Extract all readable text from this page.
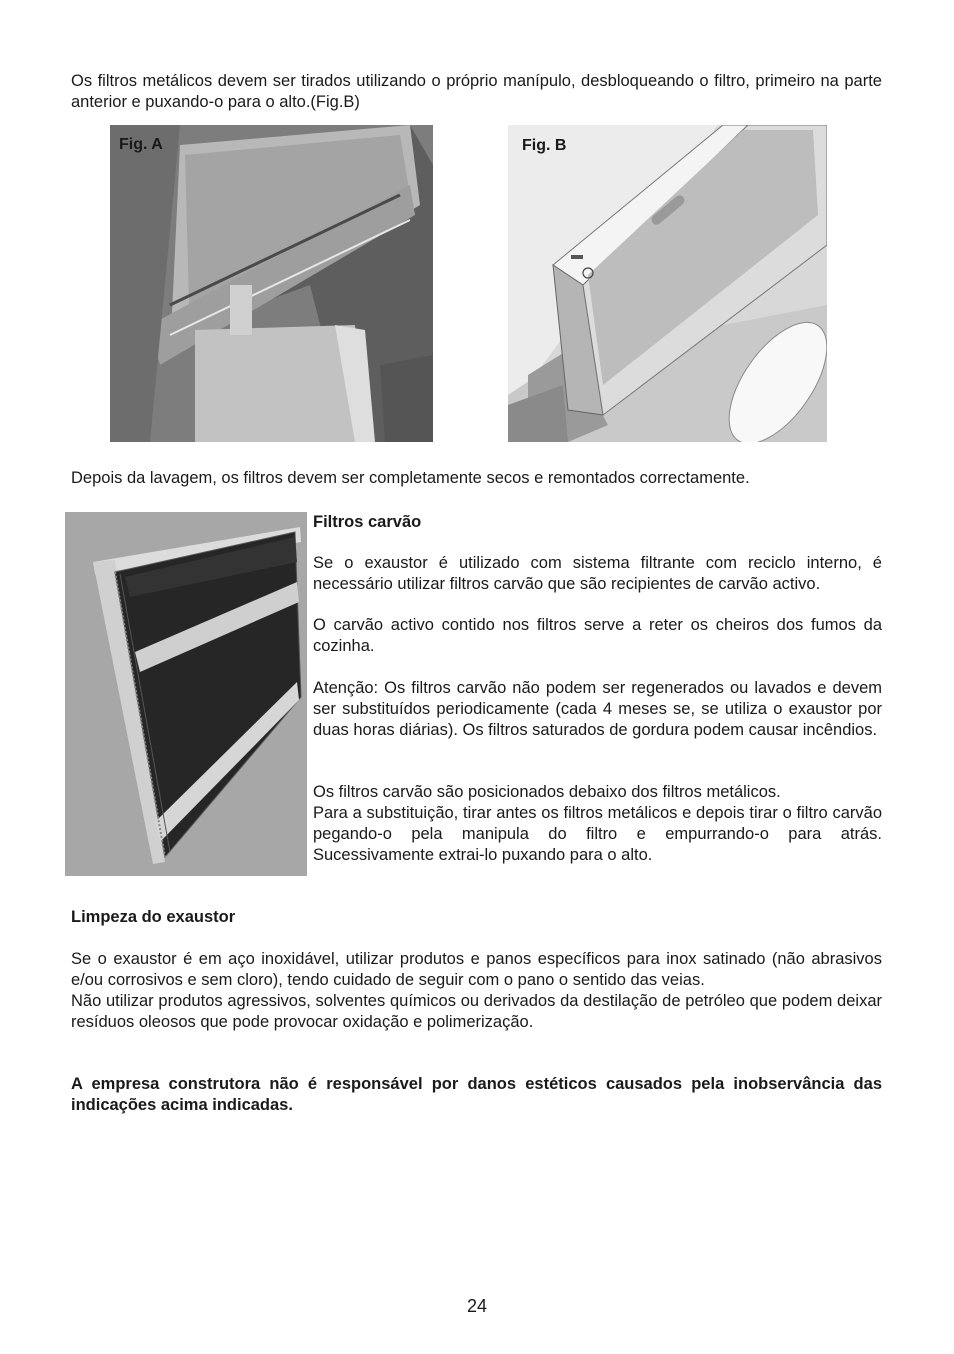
Os filtros metálicos devem ser tirados utilizando o próprio manípulo, desbloqueando o filtro, primeiro na parte anterior e puxando-o para o alto.(Fig.B)

Fig. A	Fig. B

Depois da lavagem, os filtros devem ser completamente secos e remontados correctamente.

Filtros carvão

Se o exaustor é utilizado com sistema filtrante com reciclo interno, é necessário utilizar filtros carvão que são recipientes de carvão activo.

O carvão activo contido nos filtros serve a reter os cheiros dos fumos da cozinha.

Atenção: Os filtros carvão não podem ser regenerados ou lavados e devem ser substituídos periodicamente (cada 4 meses se, se utiliza o exaustor por duas horas diárias). Os filtros saturados de gordura podem causar incêndios.

Os filtros carvão são posicionados debaixo dos filtros metálicos.

Para a substituição, tirar antes os filtros metálicos e depois tirar o filtro carvão pegando-o pela manipula do filtro e empurrando-o para atrás. Sucessivamente extrai-lo puxando para o alto.

Limpeza do exaustor

Se o exaustor é em aço inoxidável, utilizar produtos e panos específicos para inox satinado (não abrasivos e/ou corrosivos e sem cloro), tendo cuidado de seguir com o pano o sentido das veias.

Não utilizar produtos agressivos, solventes químicos ou derivados da destilação de petróleo que podem deixar resíduos oleosos que pode provocar oxidação e polimerização.

A empresa construtora não é responsável por danos estéticos causados pela inobservância das indicações acima indicadas.

24
